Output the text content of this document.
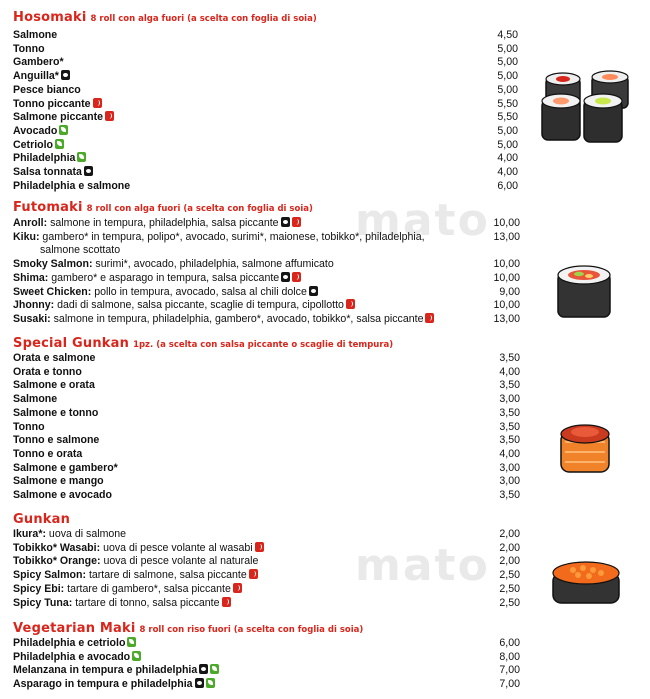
mato
mato
Hosomaki 8 roll con alga fuori (a scelta con foglia di soia)
Salmone	4,50
Tonno	5,00
Gambero*	5,00
Anguilla*	5,00
Pesce bianco	5,00
Tonno piccante	5,50
Salmone piccante	5,50
Avocado	5,00
Cetriolo	5,00
Philadelphia	4,00
Salsa tonnata	4,00
Philadelphia e salmone	6,00
Futomaki 8 roll con alga fuori (a scelta con foglia di soia)
Anroll: salmone in tempura, philadelphia, salsa piccante	10,00
Kiku: gambero* in tempura, polipo*, avocado, surimi*, maionese, tobikko*, philadelphia,	13,00
salmone scottato
Smoky Salmon: surimi*, avocado, philadelphia, salmone affumicato	10,00
Shima: gambero* e asparago in tempura, salsa piccante	10,00
Sweet Chicken: pollo in tempura, avocado, salsa al chili dolce	9,00
Jhonny: dadi di salmone, salsa piccante, scaglie di tempura, cipollotto	10,00
Susaki: salmone in tempura, philadelphia, gambero*, avocado, tobikko*, salsa piccante	13,00
Special Gunkan 1pz. (a scelta con salsa piccante o scaglie di tempura)
Orata e salmone	3,50
Orata e tonno	4,00
Salmone e orata	3,50
Salmone	3,00
Salmone e tonno	3,50
Tonno	3,50
Tonno e salmone	3,50
Tonno e orata	4,00
Salmone e gambero*	3,00
Salmone e mango	3,00
Salmone e avocado	3,50
Gunkan
Ikura*: uova di salmone	2,00
Tobikko* Wasabi: uova di pesce volante al wasabi	2,00
Tobikko* Orange: uova di pesce volante al naturale	2,00
Spicy Salmon: tartare di salmone, salsa piccante	2,50
Spicy Ebi: tartare di gambero*, salsa piccante	2,50
Spicy Tuna: tartare di tonno, salsa piccante	2,50
Vegetarian Maki 8 roll con riso fuori (a scelta con foglia di soia)
Philadelphia e cetriolo	6,00
Philadelphia e avocado	8,00
Melanzana in tempura e philadelphia	7,00
Asparago in tempura e philadelphia	7,00
